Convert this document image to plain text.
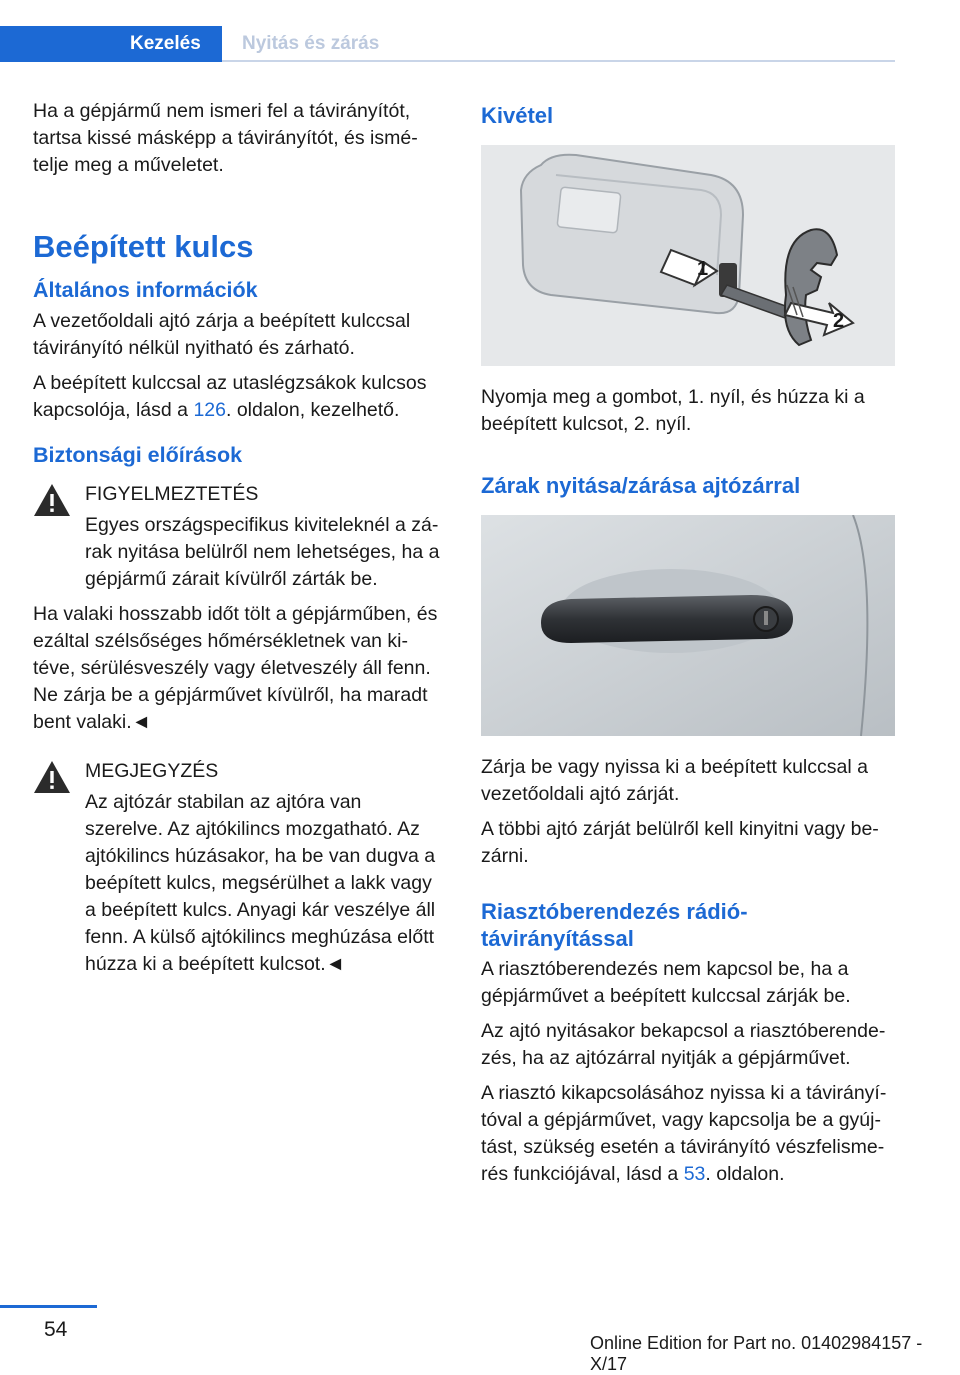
Kezelés	Nyitás és zárás

Ha a gépjármű nem ismeri fel a távirányítót, tartsa kissé másképp a távirányítót, és ismételje meg a műveletet.

Beépített kulcs
Általános információk

A vezetőoldali ajtó zárja a beépített kulccsal távirányító nélkül nyitható és zárható.

A beépített kulccsal az utaslégzsákok kulcsos kapcsolója, lásd a 126. oldalon, kezelhető.

Biztonsági előírások

FIGYELMEZTETÉS

Egyes országspecifikus kiviteleknél a zárak nyitása belülről nem lehetséges, ha a gépjármű zárait kívülről zárták be.

Ha valaki hosszabb időt tölt a gépjárműben, és ezáltal szélsőséges hőmérsékletnek van kitéve, sérülésveszély vagy életveszély áll fenn. Ne zárja be a gépjárművet kívülről, ha maradt bent valaki.◄

MEGJEGYZÉS

Az ajtózár stabilan az ajtóra van szerelve. Az ajtókilincs mozgatható. Az ajtókilincs húzásakor, ha be van dugva a beépített kulcs, megsérülhet a lakk vagy a beépített kulcs. Anyagi kár veszélye áll fenn. A külső ajtókilincs meghúzása előtt húzza ki a beépített kulcsot.◄

Kivétel
1
2

Nyomja meg a gombot, 1. nyíl, és húzza ki a beépített kulcsot, 2. nyíl.

Zárak nyitása/zárása ajtózárral

Zárja be vagy nyissa ki a beépített kulccsal a vezetőoldali ajtó zárját.

A többi ajtó zárját belülről kell kinyitni vagy bezárni.

Riasztóberendezés rádió-távirányítással

A riasztóberendezés nem kapcsol be, ha a gépjárművet a beépített kulccsal zárják be.

Az ajtó nyitásakor bekapcsol a riasztóberendezés, ha az ajtózárral nyitják a gépjárművet.

A riasztó kikapcsolásához nyissa ki a távirányítóval a gépjárművet, vagy kapcsolja be a gyújtást, szükség esetén a távirányító vészfelismerés funkciójával, lásd a 53. oldalon.

54
Online Edition for Part no. 01402984157 - X/17
